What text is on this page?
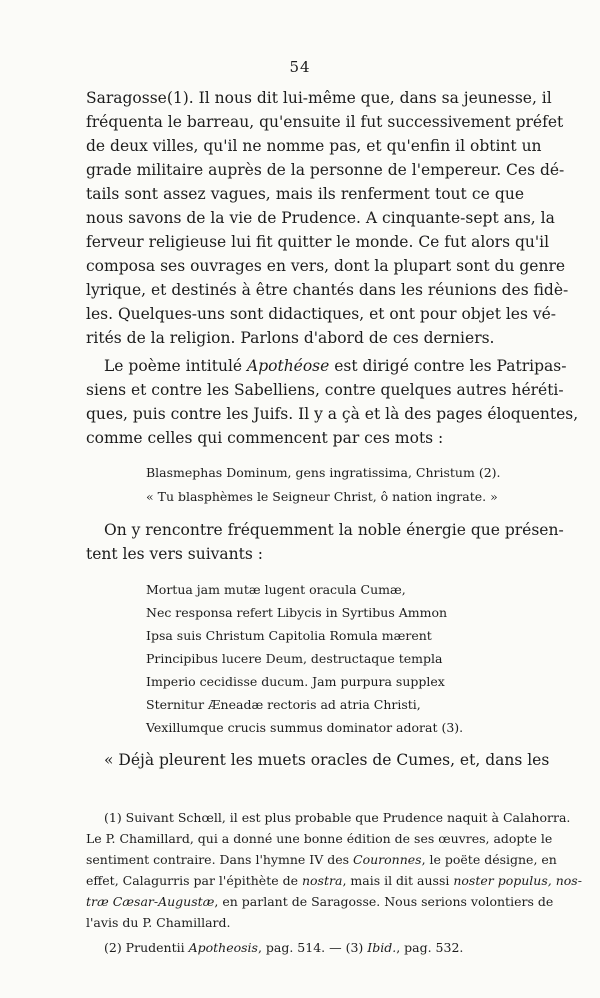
54
Saragosse(1). Il nous dit lui-même que, dans sa jeunesse, il
fréquenta le barreau, qu'ensuite il fut successivement préfet
de deux villes, qu'il ne nomme pas, et qu'enfin il obtint un
grade militaire auprès de la personne de l'empereur. Ces dé-
tails sont assez vagues, mais ils renferment tout ce que
nous savons de la vie de Prudence. A cinquante-sept ans, la
ferveur religieuse lui fit quitter le monde. Ce fut alors qu'il
composa ses ouvrages en vers, dont la plupart sont du genre
lyrique, et destinés à être chantés dans les réunions des fidè-
les. Quelques-uns sont didactiques, et ont pour objet les vé-
rités de la religion. Parlons d'abord de ces derniers.
Le poème intitulé Apothéose est dirigé contre les Patripas-
siens et contre les Sabelliens, contre quelques autres héréti-
ques, puis contre les Juifs. Il y a çà et là des pages éloquentes,
comme celles qui commencent par ces mots :
Blasmephas Dominum, gens ingratissima, Christum (2).
« Tu blasphèmes le Seigneur Christ, ô nation ingrate. »
On y rencontre fréquemment la noble énergie que présen-
tent les vers suivants :
Mortua jam mutæ lugent oracula Cumæ,
Nec responsa refert Libycis in Syrtibus Ammon
Ipsa suis Christum Capitolia Romula mærent
Principibus lucere Deum, destructaque templa
Imperio cecidisse ducum. Jam purpura supplex
Sternitur Æneadæ rectoris ad atria Christi,
Vexillumque crucis summus dominator adorat (3).
« Déjà pleurent les muets oracles de Cumes, et, dans les
(1) Suivant Schœll, il est plus probable que Prudence naquit à Calahorra.
Le P. Chamillard, qui a donné une bonne édition de ses œuvres, adopte le
sentiment contraire. Dans l'hymne IV des Couronnes, le poëte désigne, en
effet, Calagurris par l'épithète de nostra, mais il dit aussi noster populus, nos-
træ Cæsar-Augustæ, en parlant de Saragosse. Nous serions volontiers de
l'avis du P. Chamillard.
(2) Prudentii Apotheosis, pag. 514. — (3) Ibid., pag. 532.
